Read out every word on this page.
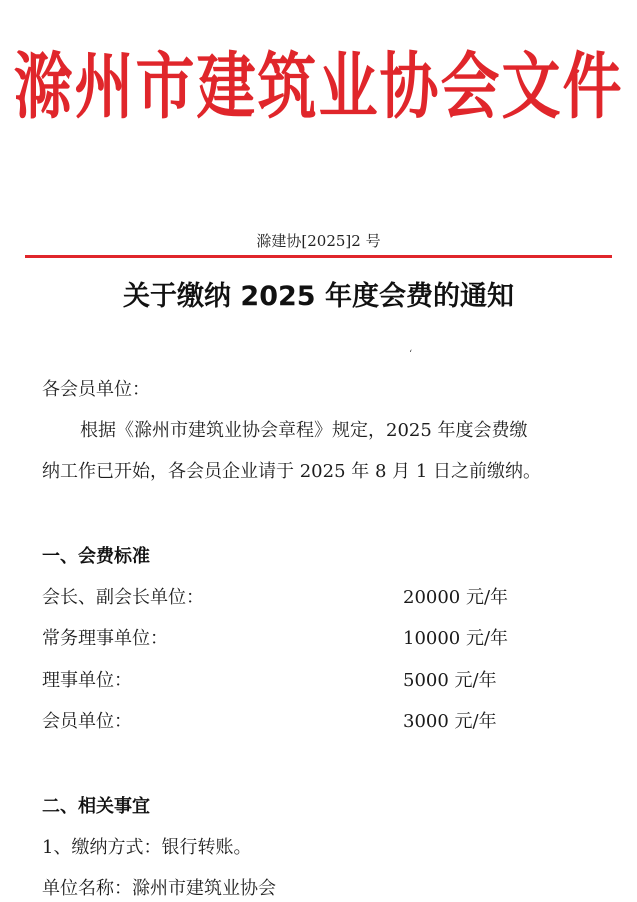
滁州市建筑业协会文件
滁建协[2025]2 号
关于缴纳 2025 年度会费的通知
‘
各会员单位：
根据《滁州市建筑业协会章程》规定，2025 年度会费缴
纳工作已开始，各会员企业请于 2025 年 8 月 1 日之前缴纳。
一、会费标准
会长、副会长单位：	20000 元/年
常务理事单位：	10000 元/年
理事单位：	5000 元/年
会员单位：	3000 元/年
二、相关事宜
1、缴纳方式：银行转账。
单位名称：滁州市建筑业协会
